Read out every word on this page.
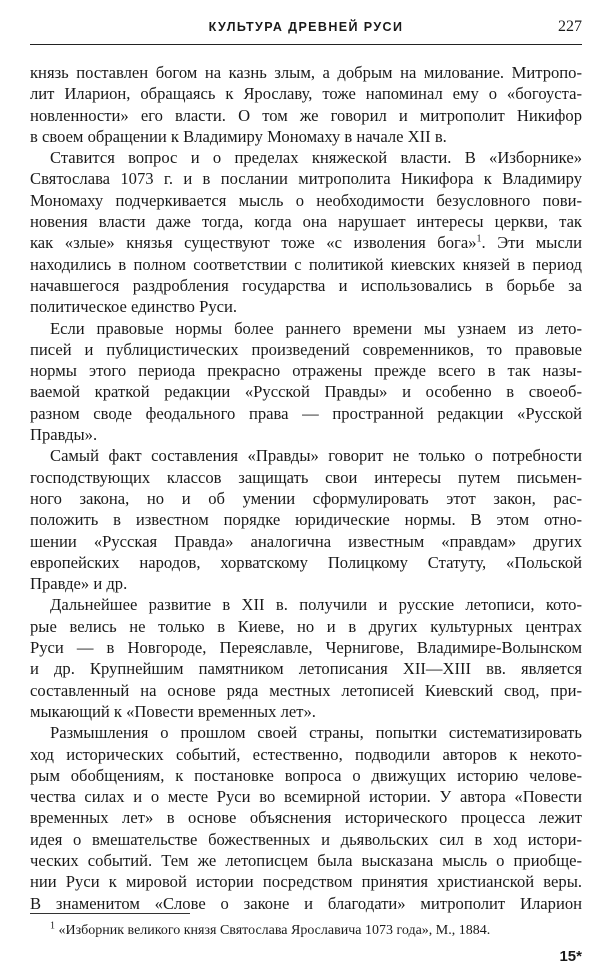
КУЛЬТУРА ДРЕВНЕЙ РУСИ	227

князь поставлен богом на казнь злым, а добрым на милование. Митропо-
лит Иларион, обращаясь к Ярославу, тоже напоминал ему о «богоуста-
новленности» его власти. О том же говорил и митрополит Никифор
в своем обращении к Владимиру Мономаху в начале XII в.

Ставится вопрос и о пределах княжеской власти. В «Изборнике»
Святослава 1073 г. и в послании митрополита Никифора к Владимиру
Мономаху подчеркивается мысль о необходимости безусловного пови-
новения власти даже тогда, когда она нарушает интересы церкви, так
как «злые» князья существуют тоже «с изволения бога»$^1$. Эти мысли
находились в полном соответствии с политикой киевских князей в период
начавшегося раздробления государства и использовались в борьбе за
политическое единство Руси.

Если правовые нормы более раннего времени мы узнаем из лето-
писей и публицистических произведений современников, то правовые
нормы этого периода прекрасно отражены прежде всего в так назы-
ваемой краткой редакции «Русской Правды» и особенно в своеоб-
разном своде феодального права — пространной редакции «Русской
Правды».

Самый факт составления «Правды» говорит не только о потребности
господствующих классов защищать свои интересы путем письмен-
ного закона, но и об умении сформулировать этот закон, рас-
положить в известном порядке юридические нормы. В этом отно-
шении «Русская Правда» аналогична известным «правдам» других
европейских народов, хорватскому Полицкому Статуту, «Польской
Правде» и др.

Дальнейшее развитие в XII в. получили и русские летописи, кото-
рые велись не только в Киеве, но и в других культурных центрах
Руси — в Новгороде, Переяславле, Чернигове, Владимире-Волынском
и др. Крупнейшим памятником летописания XII—XIII вв. является
составленный на основе ряда местных летописей Киевский свод, при-
мыкающий к «Повести временных лет».

Размышления о прошлом своей страны, попытки систематизировать
ход исторических событий, естественно, подводили авторов к некото-
рым обобщениям, к постановке вопроса о движущих историю челове-
чества силах и о месте Руси во всемирной истории. У автора «Повести
временных лет» в основе объяснения исторического процесса лежит
идея о вмешательстве божественных и дьявольских сил в ход истори-
ческих событий. Тем же летописцем была высказана мысль о приобще-
нии Руси к мировой истории посредством принятия христианской веры.
В знаменитом «Слове о законе и благодати» митрополит Иларион

$^1$ «Изборник великого князя Святослава Ярославича 1073 года», М., 1884.
15*
